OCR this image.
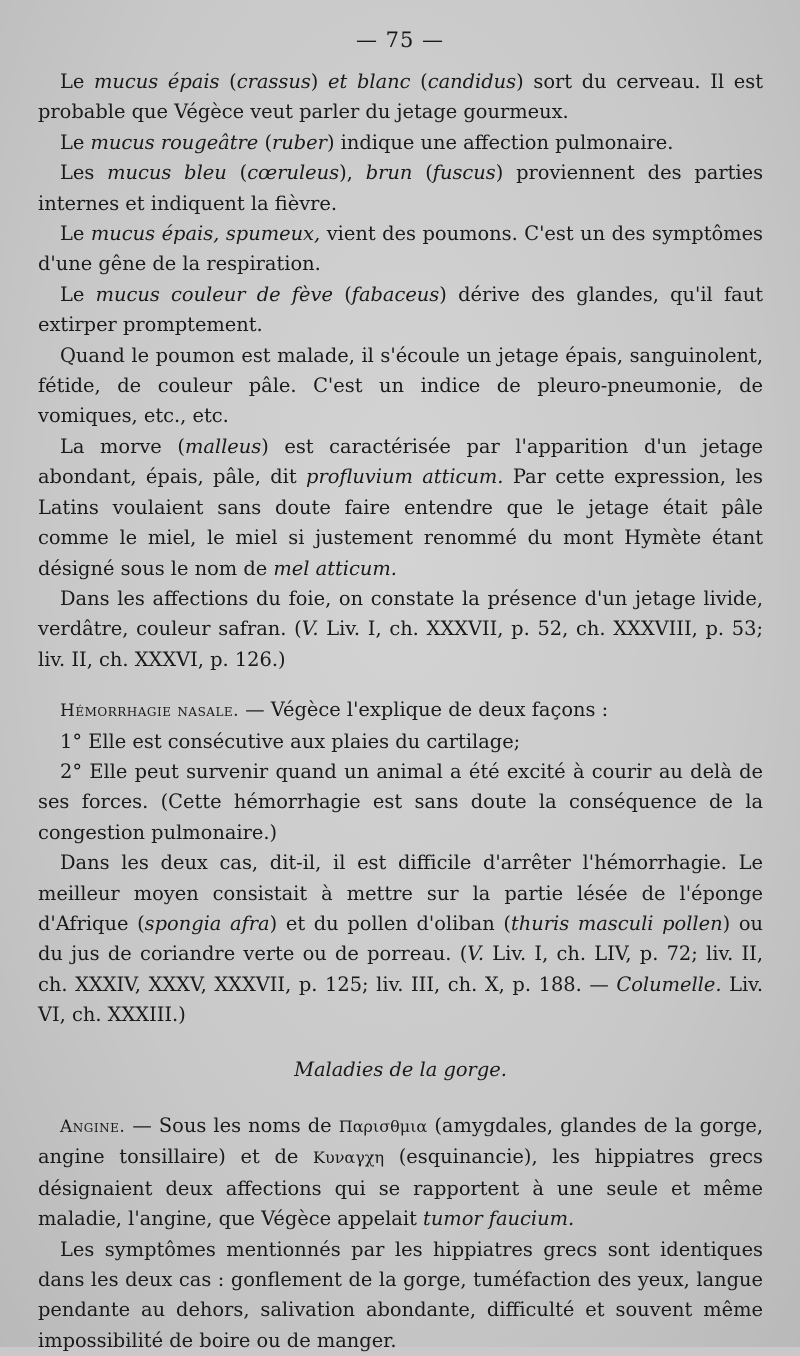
— 75 —

Le mucus épais (crassus) et blanc (candidus) sort du cerveau. Il est probable que Végèce veut parler du jetage gourmeux.

Le mucus rougeâtre (ruber) indique une affection pulmonaire.

Les mucus bleu (cœruleus), brun (fuscus) proviennent des parties internes et indiquent la fièvre.

Le mucus épais, spumeux, vient des poumons. C'est un des symptômes d'une gêne de la respiration.

Le mucus couleur de fève (fabaceus) dérive des glandes, qu'il faut extirper promptement.

Quand le poumon est malade, il s'écoule un jetage épais, sanguinolent, fétide, de couleur pâle. C'est un indice de pleuro-pneumonie, de vomiques, etc., etc.

La morve (malleus) est caractérisée par l'apparition d'un jetage abondant, épais, pâle, dit profluvium atticum. Par cette expression, les Latins voulaient sans doute faire entendre que le jetage était pâle comme le miel, le miel si justement renommé du mont Hymète étant désigné sous le nom de mel atticum.

Dans les affections du foie, on constate la présence d'un jetage livide, verdâtre, couleur safran. (V. Liv. I, ch. XXXVII, p. 52, ch. XXXVIII, p. 53; liv. II, ch. XXXVI, p. 126.)

Hémorrhagie nasale. — Végèce l'explique de deux façons :

1° Elle est consécutive aux plaies du cartilage;

2° Elle peut survenir quand un animal a été excité à courir au delà de ses forces. (Cette hémorrhagie est sans doute la conséquence de la congestion pulmonaire.)

Dans les deux cas, dit-il, il est difficile d'arrêter l'hémorrhagie. Le meilleur moyen consistait à mettre sur la partie lésée de l'éponge d'Afrique (spongia afra) et du pollen d'oliban (thuris masculi pollen) ou du jus de coriandre verte ou de porreau. (V. Liv. I, ch. LIV, p. 72; liv. II, ch. XXXIV, XXXV, XXXVII, p. 125; liv. III, ch. X, p. 188. — Columelle. Liv. VI, ch. XXXIII.)

Maladies de la gorge.

Angine. — Sous les noms de Παρισθμια (amygdales, glandes de la gorge, angine tonsillaire) et de Κυναγχη (esquinancie), les hippiatres grecs désignaient deux affections qui se rapportent à une seule et même maladie, l'angine, que Végèce appelait tumor faucium.

Les symptômes mentionnés par les hippiatres grecs sont identiques dans les deux cas : gonflement de la gorge, tuméfaction des yeux, langue pendante au dehors, salivation abondante, difficulté et souvent même impossibilité de boire ou de manger.
